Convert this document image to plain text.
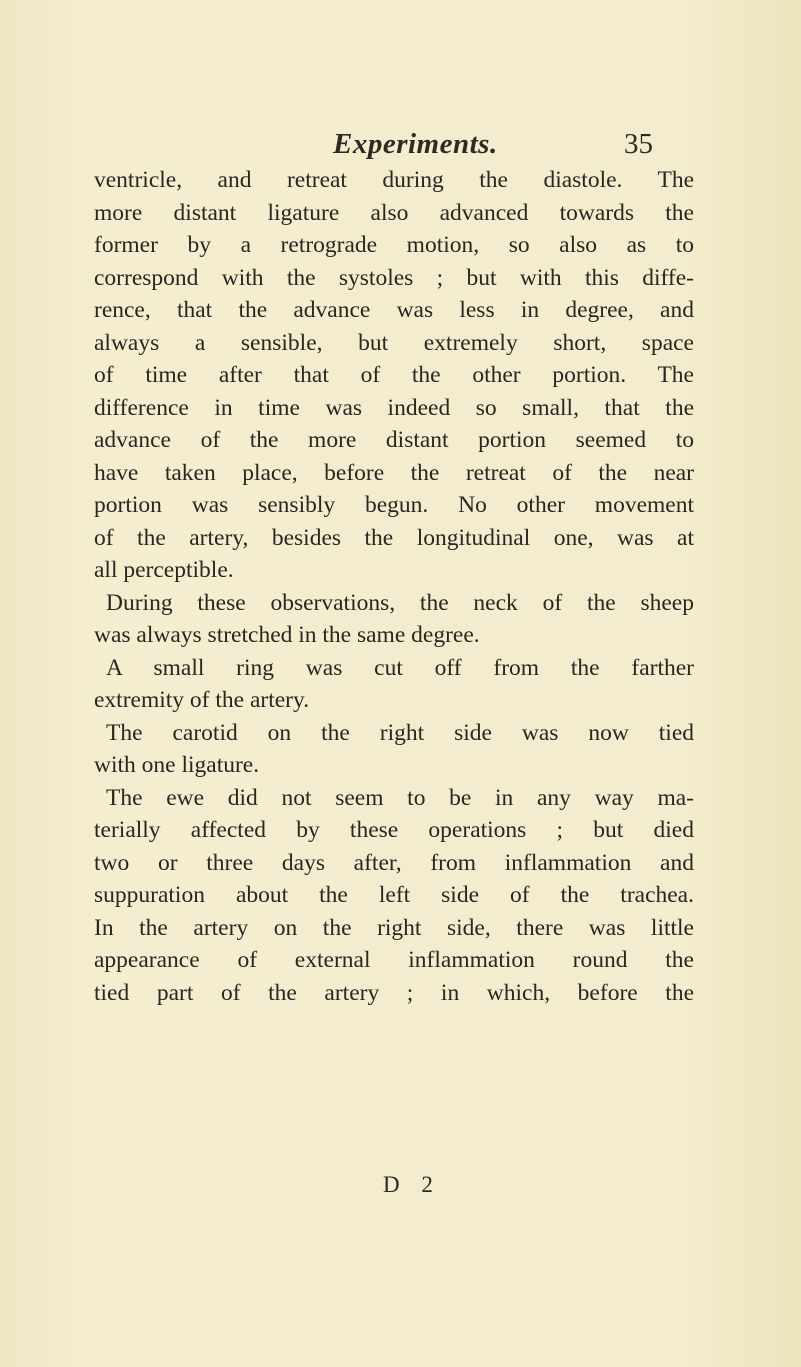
Experiments.	35
ventricle, and retreat during the diastole. The
more distant ligature also advanced towards the
former by a retrograde motion, so also as to
correspond with the systoles ; but with this diffe-
rence, that the advance was less in degree, and
always a sensible, but extremely short, space
of time after that of the other portion. The
difference in time was indeed so small, that the
advance of the more distant portion seemed to
have taken place, before the retreat of the near
portion was sensibly begun. No other movement
of the artery, besides the longitudinal one, was at
all perceptible.
During these observations, the neck of the sheep
was always stretched in the same degree.
A small ring was cut off from the farther
extremity of the artery.
The carotid on the right side was now tied
with one ligature.
The ewe did not seem to be in any way ma-
terially affected by these operations ; but died
two or three days after, from inflammation and
suppuration about the left side of the trachea.
In the artery on the right side, there was little
appearance of external inflammation round the
tied part of the artery ; in which, before the
D 2
